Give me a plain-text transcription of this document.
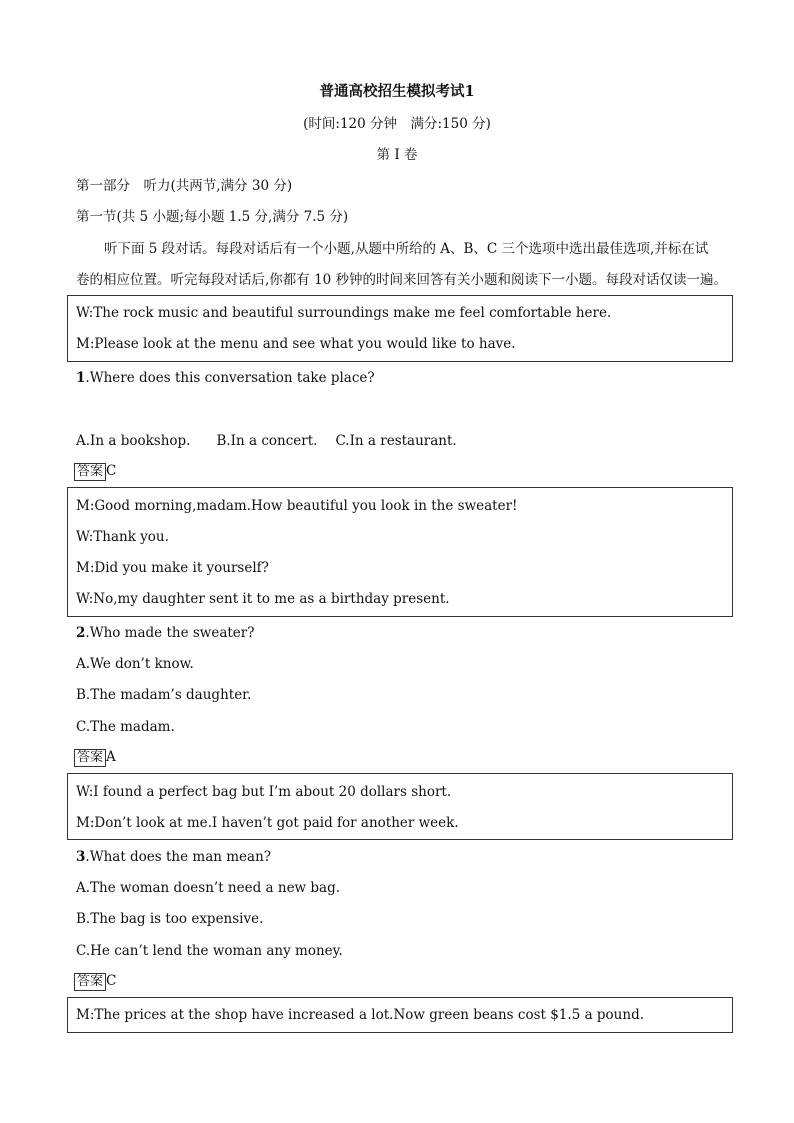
普通高校招生模拟考试1
(时间:120 分钟　满分:150 分)
第 I 卷
第一部分　听力(共两节,满分 30 分)
第一节(共 5 小题;每小题 1.5 分,满分 7.5 分)
听下面 5 段对话。每段对话后有一个小题,从题中所给的 A、B、C 三个选项中选出最佳选项,并标在试
卷的相应位置。听完每段对话后,你都有 10 秒钟的时间来回答有关小题和阅读下一小题。每段对话仅读一遍。
W:The rock music and beautiful surroundings make me feel comfortable here.
M:Please look at the menu and see what you would like to have.
1.Where does this conversation take place?
A.In a bookshop. B.In a concert. C.In a restaurant.
答案 C
M:Good morning,madam.How beautiful you look in the sweater!
W:Thank you.
M:Did you make it yourself?
W:No,my daughter sent it to me as a birthday present.
2.Who made the sweater?
A.We don’t know.
B.The madam’s daughter.
C.The madam.
答案 A
W:I found a perfect bag but I’m about 20 dollars short.
M:Don’t look at me.I haven’t got paid for another week.
3.What does the man mean?
A.The woman doesn’t need a new bag.
B.The bag is too expensive.
C.He can’t lend the woman any money.
答案 C
M:The prices at the shop have increased a lot.Now green beans cost $1.5 a pound.
